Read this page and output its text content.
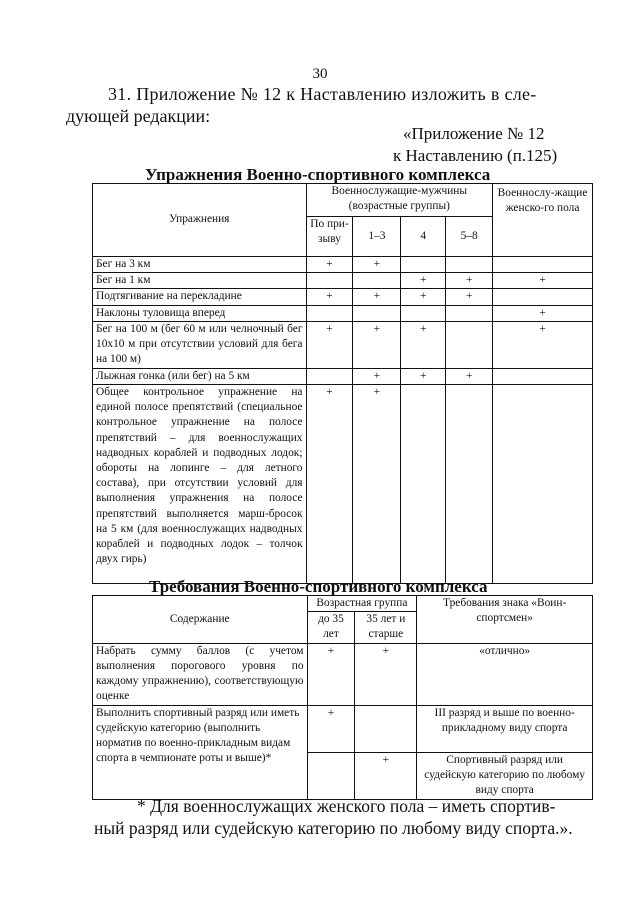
30
31. Приложение № 12 к Наставлению изложить в сле-
дующей редакции:
«Приложение № 12
к Наставлению (п.125)
Упражнения Военно-спортивного комплекса
Упражнения	Военнослужащие-мужчины
(возрастные группы)				Военнослу-жащие женско-го пола
	По при-зыву	1–3	4	5–8	
Бег на 3 км	+	+			
Бег на 1 км			+	+	+
Подтягивание на перекладине	+	+	+	+	
Наклоны туловища вперед					+
Бег на 100 м (бег 60 м или челночный бег 10х10 м при отсутствии условий для бега на 100 м)	+	+	+		+
Лыжная гонка (или бег) на 5 км		+	+	+	
Общее контрольное упражнение на единой полосе препятствий (специальное контрольное упражнение на полосе препятствий – для военнослужащих надводных кораблей и подводных лодок; обороты на лопинге – для летного состава), при отсутствии условий для выполнения упражнения на полосе препятствий выполняется марш-бросок на 5 км (для военнослужащих надводных кораблей и подводных лодок – толчок двух гирь)	+	+			
Требования Военно-спортивного комплекса
Содержание	Возрастная группа		Требования знака «Воин-спортсмен»
	до 35 лет	35 лет и старше	
Набрать сумму баллов (с учетом выполнения порогового уровня по каждому упражнению), соответствующую оценке	+	+	«отлично»
Выполнить спортивный разряд или иметь судейскую категорию (выполнить норматив по военно-прикладным видам спорта в чемпионате роты и выше)*	+		III разряд и выше по военно-прикладному виду спорта
		+	Спортивный разряд или судейскую категорию по любому виду спорта
* Для военнослужащих женского пола – иметь спортив-
ный разряд или судейскую категорию по любому виду спорта.».
